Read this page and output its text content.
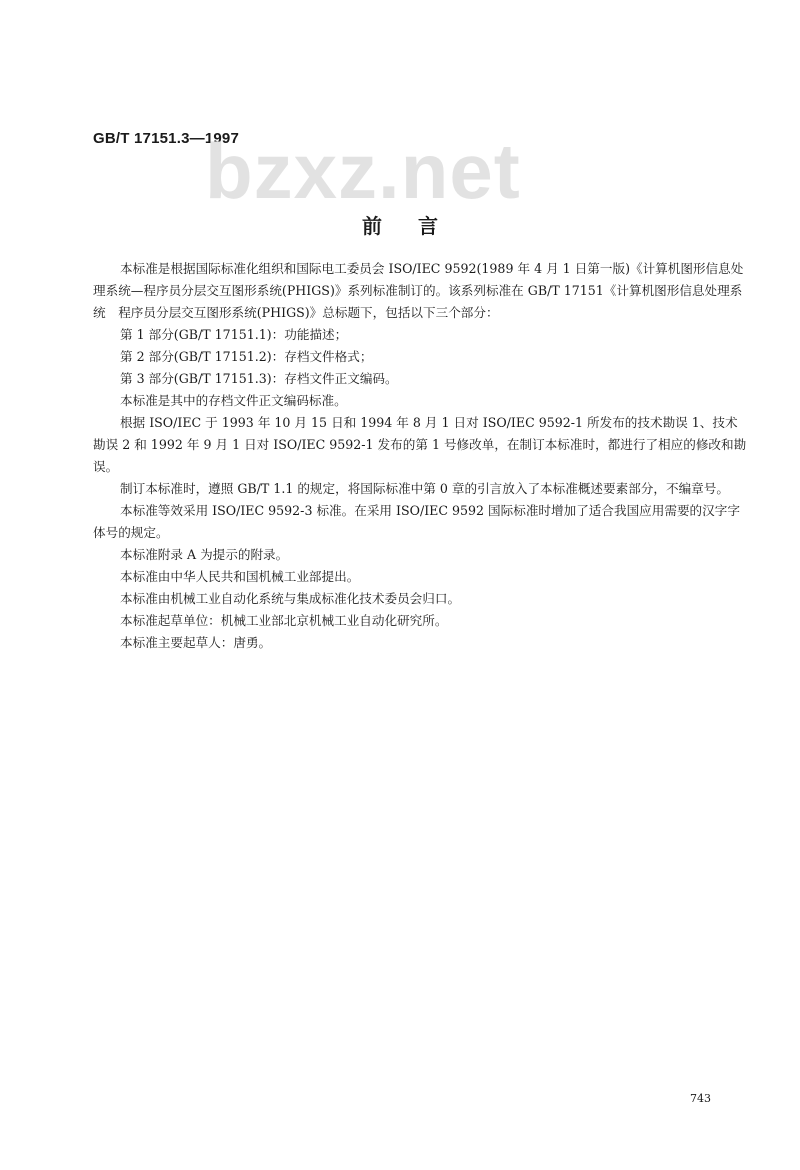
GB/T 17151.3—1997
bzxz.net
前言

本标准是根据国际标准化组织和国际电工委员会 ISO/IEC 9592(1989 年 4 月 1 日第一版)《计算机图形信息处理系统—程序员分层交互图形系统(PHIGS)》系列标准制订的。该系列标准在 GB/T 17151《计算机图形信息处理系统　程序员分层交互图形系统(PHIGS)》总标题下，包括以下三个部分：

第 1 部分(GB/T 17151.1)：功能描述；

第 2 部分(GB/T 17151.2)：存档文件格式；

第 3 部分(GB/T 17151.3)：存档文件正文编码。

本标准是其中的存档文件正文编码标准。

根据 ISO/IEC 于 1993 年 10 月 15 日和 1994 年 8 月 1 日对 ISO/IEC 9592-1 所发布的技术勘误 1、技术勘误 2 和 1992 年 9 月 1 日对 ISO/IEC 9592-1 发布的第 1 号修改单，在制订本标准时，都进行了相应的修改和勘误。

制订本标准时，遵照 GB/T 1.1 的规定，将国际标准中第 0 章的引言放入了本标准概述要素部分，不编章号。

本标准等效采用 ISO/IEC 9592-3 标准。在采用 ISO/IEC 9592 国际标准时增加了适合我国应用需要的汉字字体号的规定。

本标准附录 A 为提示的附录。

本标准由中华人民共和国机械工业部提出。

本标准由机械工业自动化系统与集成标准化技术委员会归口。

本标准起草单位：机械工业部北京机械工业自动化研究所。

本标准主要起草人：唐勇。

743
